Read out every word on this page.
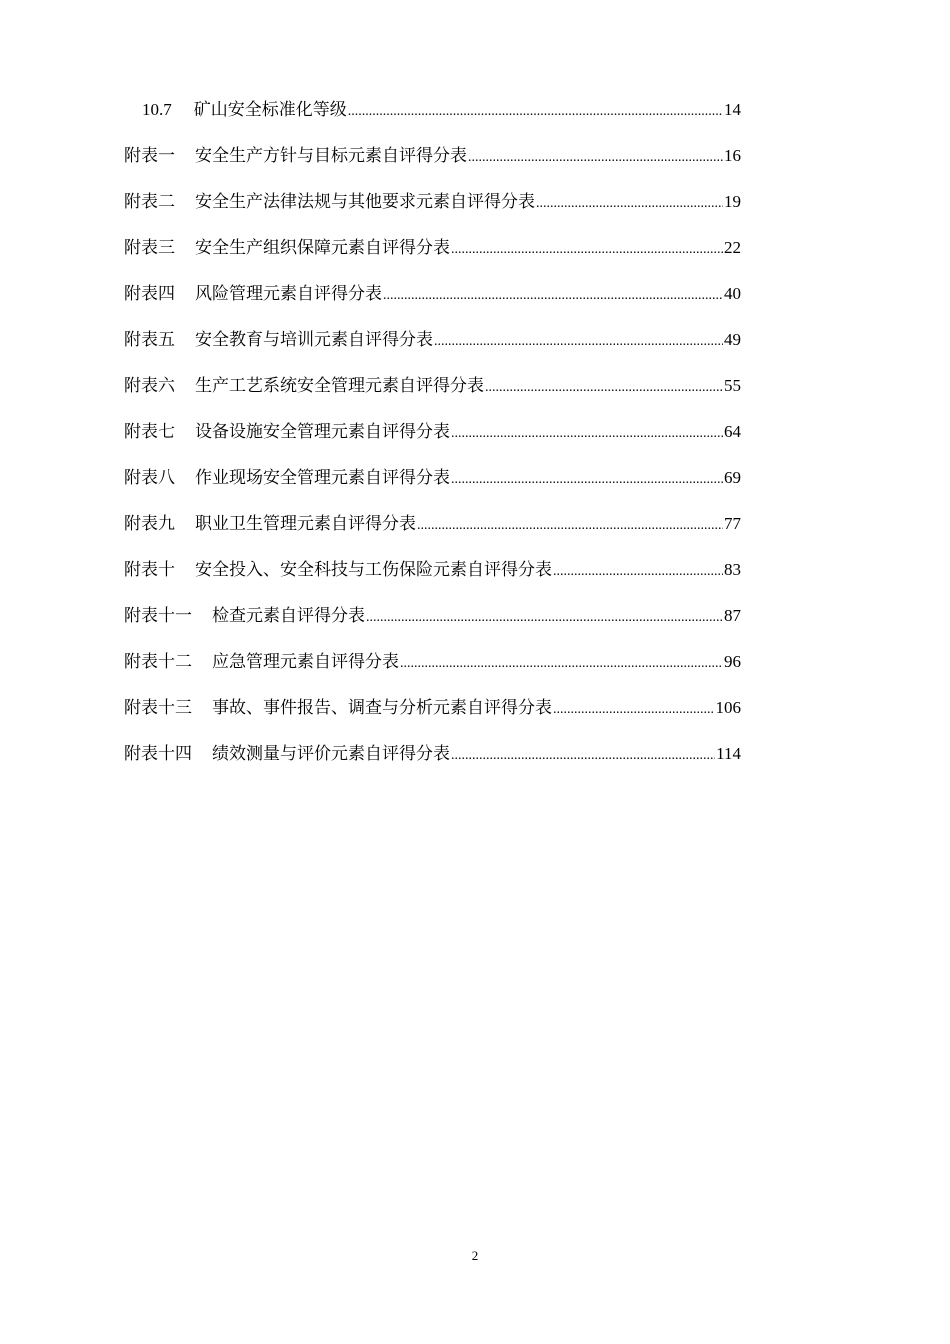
10.7 矿山安全标准化等级 .....	14
附表一 安全生产方针与目标元素自评得分表 .....	16
附表二 安全生产法律法规与其他要求元素自评得分表 .....	19
附表三 安全生产组织保障元素自评得分表 .....	22
附表四 风险管理元素自评得分表 .....	40
附表五 安全教育与培训元素自评得分表 .....	49
附表六 生产工艺系统安全管理元素自评得分表 .....	55
附表七 设备设施安全管理元素自评得分表 .....	64
附表八 作业现场安全管理元素自评得分表 .....	69
附表九 职业卫生管理元素自评得分表 .....	77
附表十 安全投入、安全科技与工伤保险元素自评得分表 .....	83
附表十一 检查元素自评得分表 .....	87
附表十二 应急管理元素自评得分表 .....	96
附表十三 事故、事件报告、调查与分析元素自评得分表 .....	106
附表十四 绩效测量与评价元素自评得分表 .....	114
2
